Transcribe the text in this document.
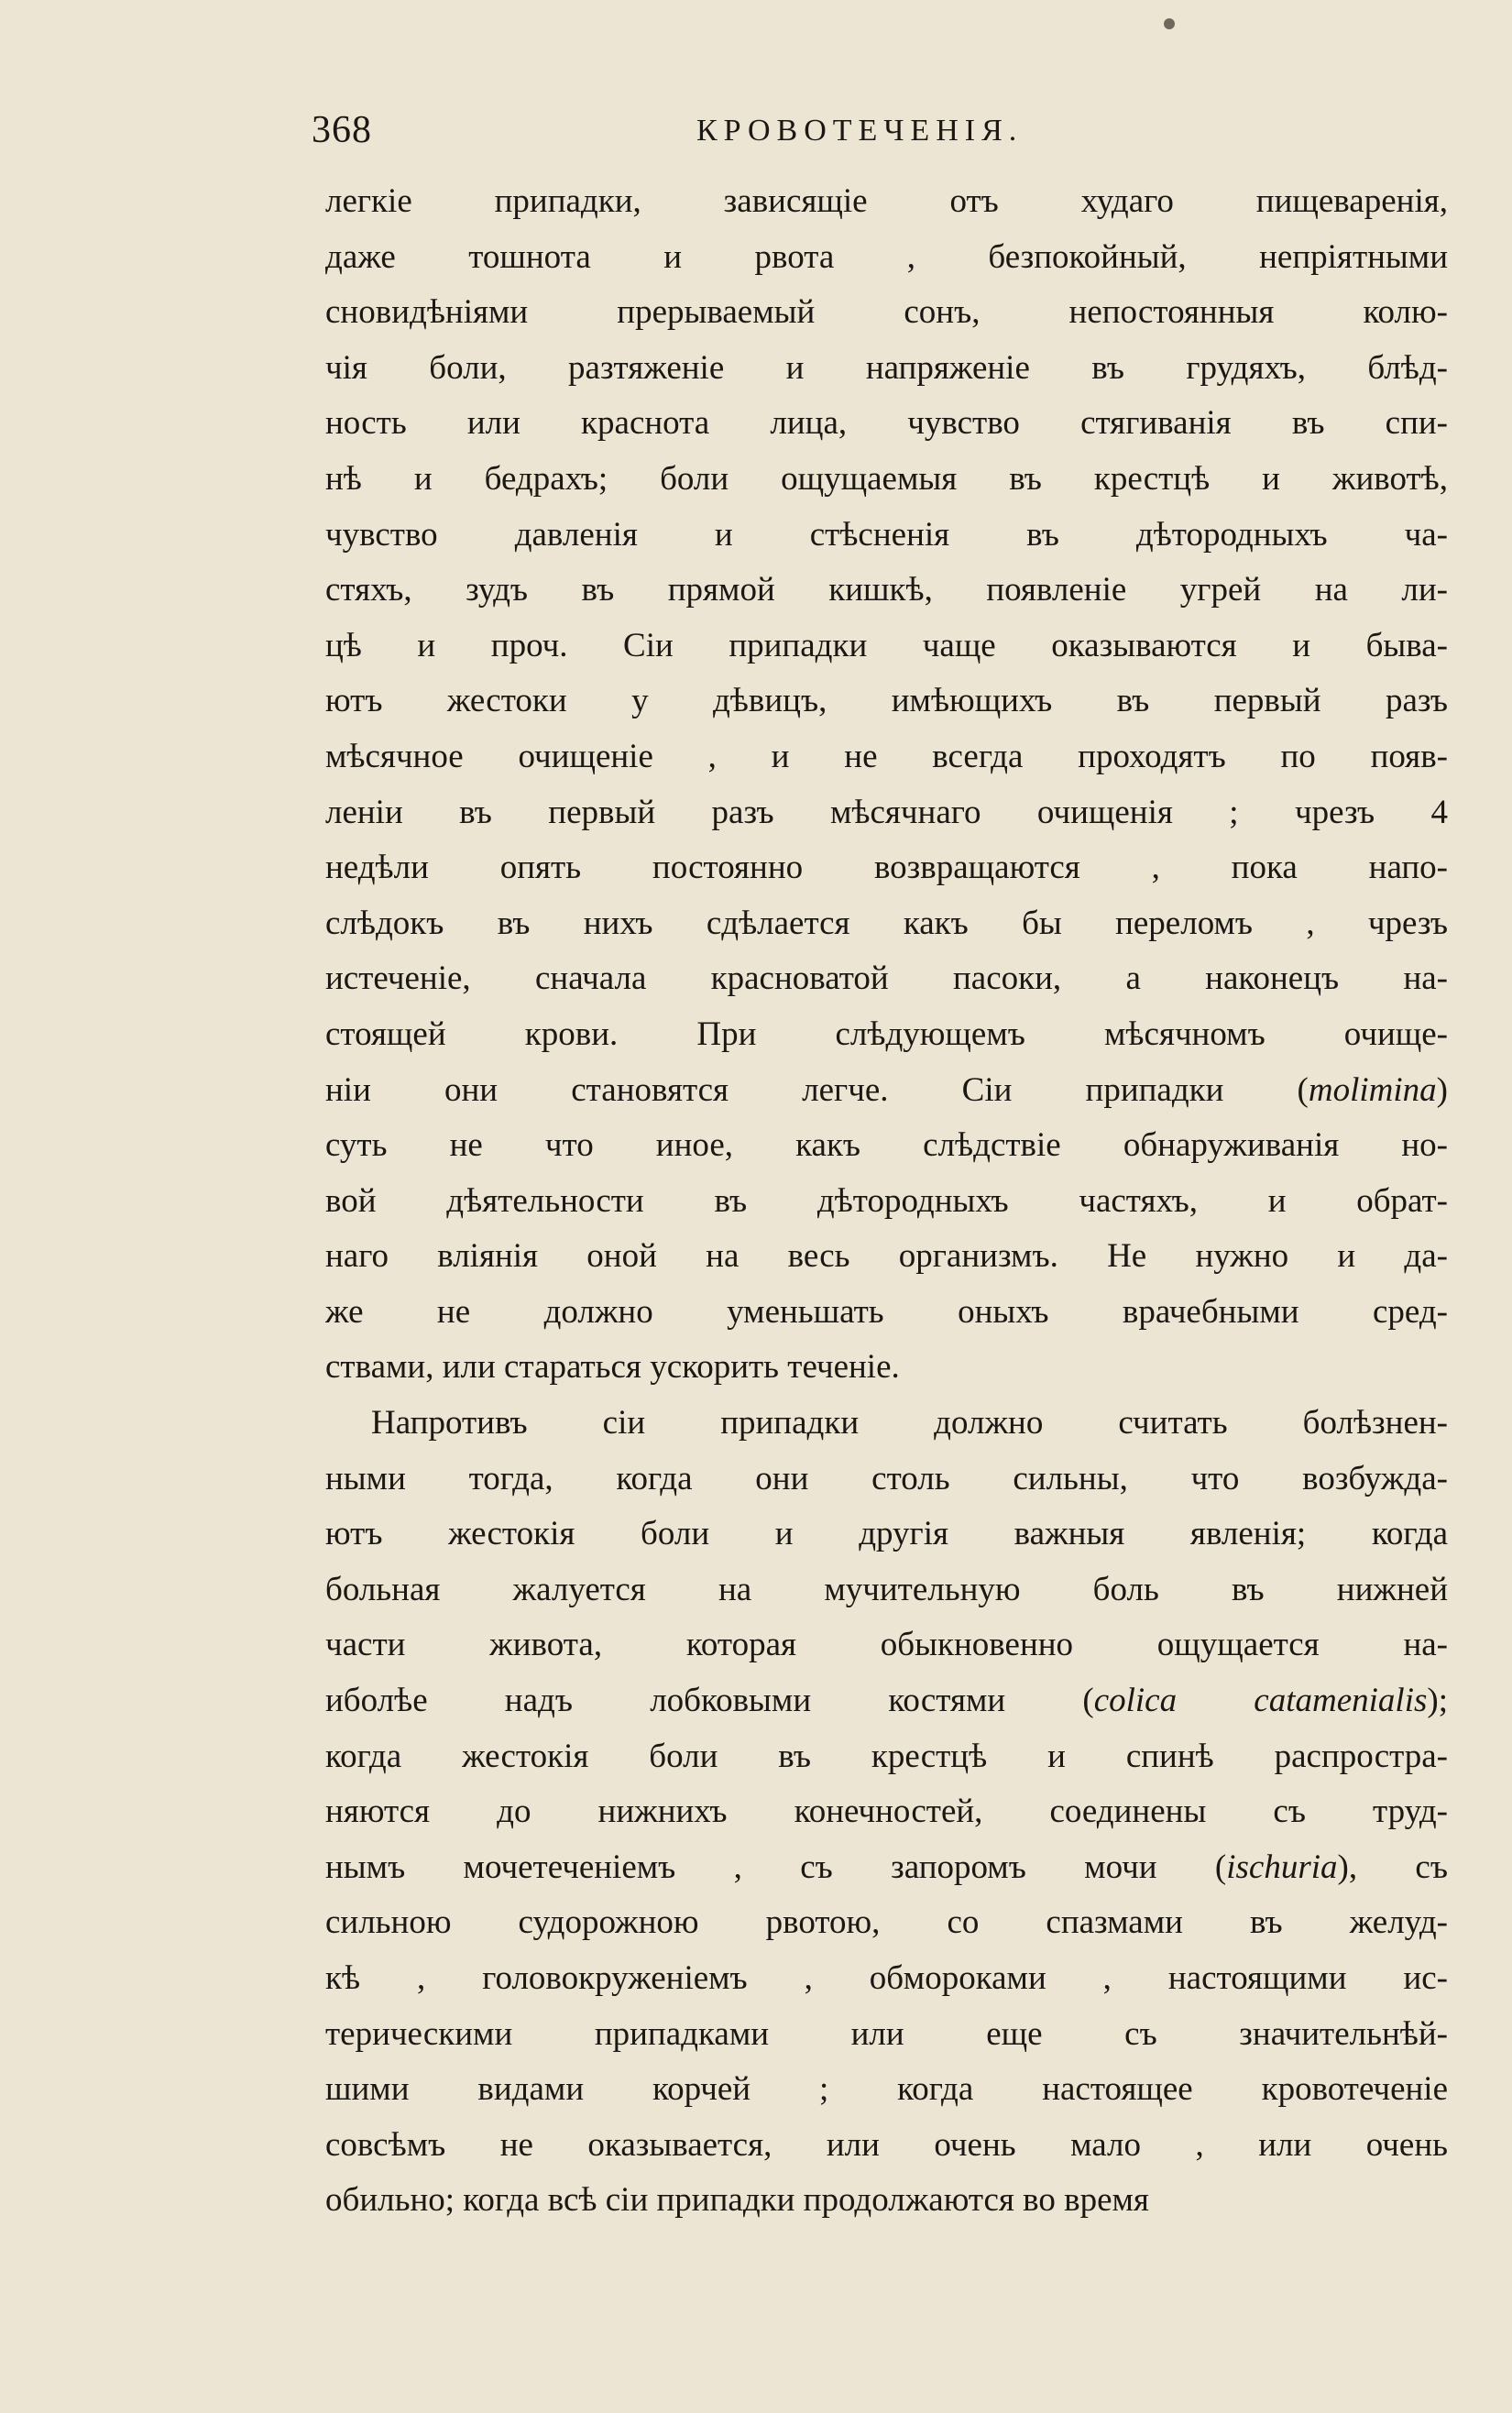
368	КРОВОТЕЧЕНІЯ.
легкіе припадки, зависящіе отъ худаго пищеваренія,
даже тошнота и рвота , безпокойный, непріятными
сновидѣніями прерываемый сонъ, непостоянныя колю-
чія боли, разтяженіе и напряженіе въ грудяхъ, блѣд-
ность или краснота лица, чувство стягиванія въ спи-
нѣ и бедрахъ; боли ощущаемыя въ крестцѣ и животѣ,
чувство давленія и стѣсненія въ дѣтородныхъ ча-
стяхъ, зудъ въ прямой кишкѣ, появленіе угрей на ли-
цѣ и проч. Сіи припадки чаще оказываются и быва-
ютъ жестоки у дѣвицъ, имѣющихъ въ первый разъ
мѣсячное очищеніе , и не всегда проходятъ по появ-
леніи въ первый разъ мѣсячнаго очищенія ; чрезъ 4
недѣли опять постоянно возвращаются , пока напо-
слѣдокъ въ нихъ сдѣлается какъ бы переломъ , чрезъ
истеченіе, сначала красноватой пасоки, а наконецъ на-
стоящей крови. При слѣдующемъ мѣсячномъ очище-
ніи они становятся легче. Сіи припадки (molimina)
суть не что иное, какъ слѣдствіе обнаруживанія но-
вой дѣятельности въ дѣтородныхъ частяхъ, и обрат-
наго вліянія оной на весь организмъ. Не нужно и да-
же не должно уменьшать оныхъ врачебными сред-
ствами, или стараться ускорить теченіе.
Напротивъ сіи припадки должно считать болѣзнен-
ными тогда, когда они столь сильны, что возбужда-
ютъ жестокія боли и другія важныя явленія; когда
больная жалуется на мучительную боль въ нижней
части живота, которая обыкновенно ощущается на-
иболѣе надъ лобковыми костями (colica catamenialis);
когда жестокія боли въ крестцѣ и спинѣ распростра-
няются до нижнихъ конечностей, соединены съ труд-
нымъ мочетеченіемъ , съ запоромъ мочи (ischuria), съ
сильною судорожною рвотою, со спазмами въ желуд-
кѣ , головокруженіемъ , обмороками , настоящими ис-
терическими припадками или еще съ значительнѣй-
шими видами корчей ; когда настоящее кровотеченіе
совсѣмъ не оказывается, или очень мало , или очень
обильно; когда всѣ сіи припадки продолжаются во время
